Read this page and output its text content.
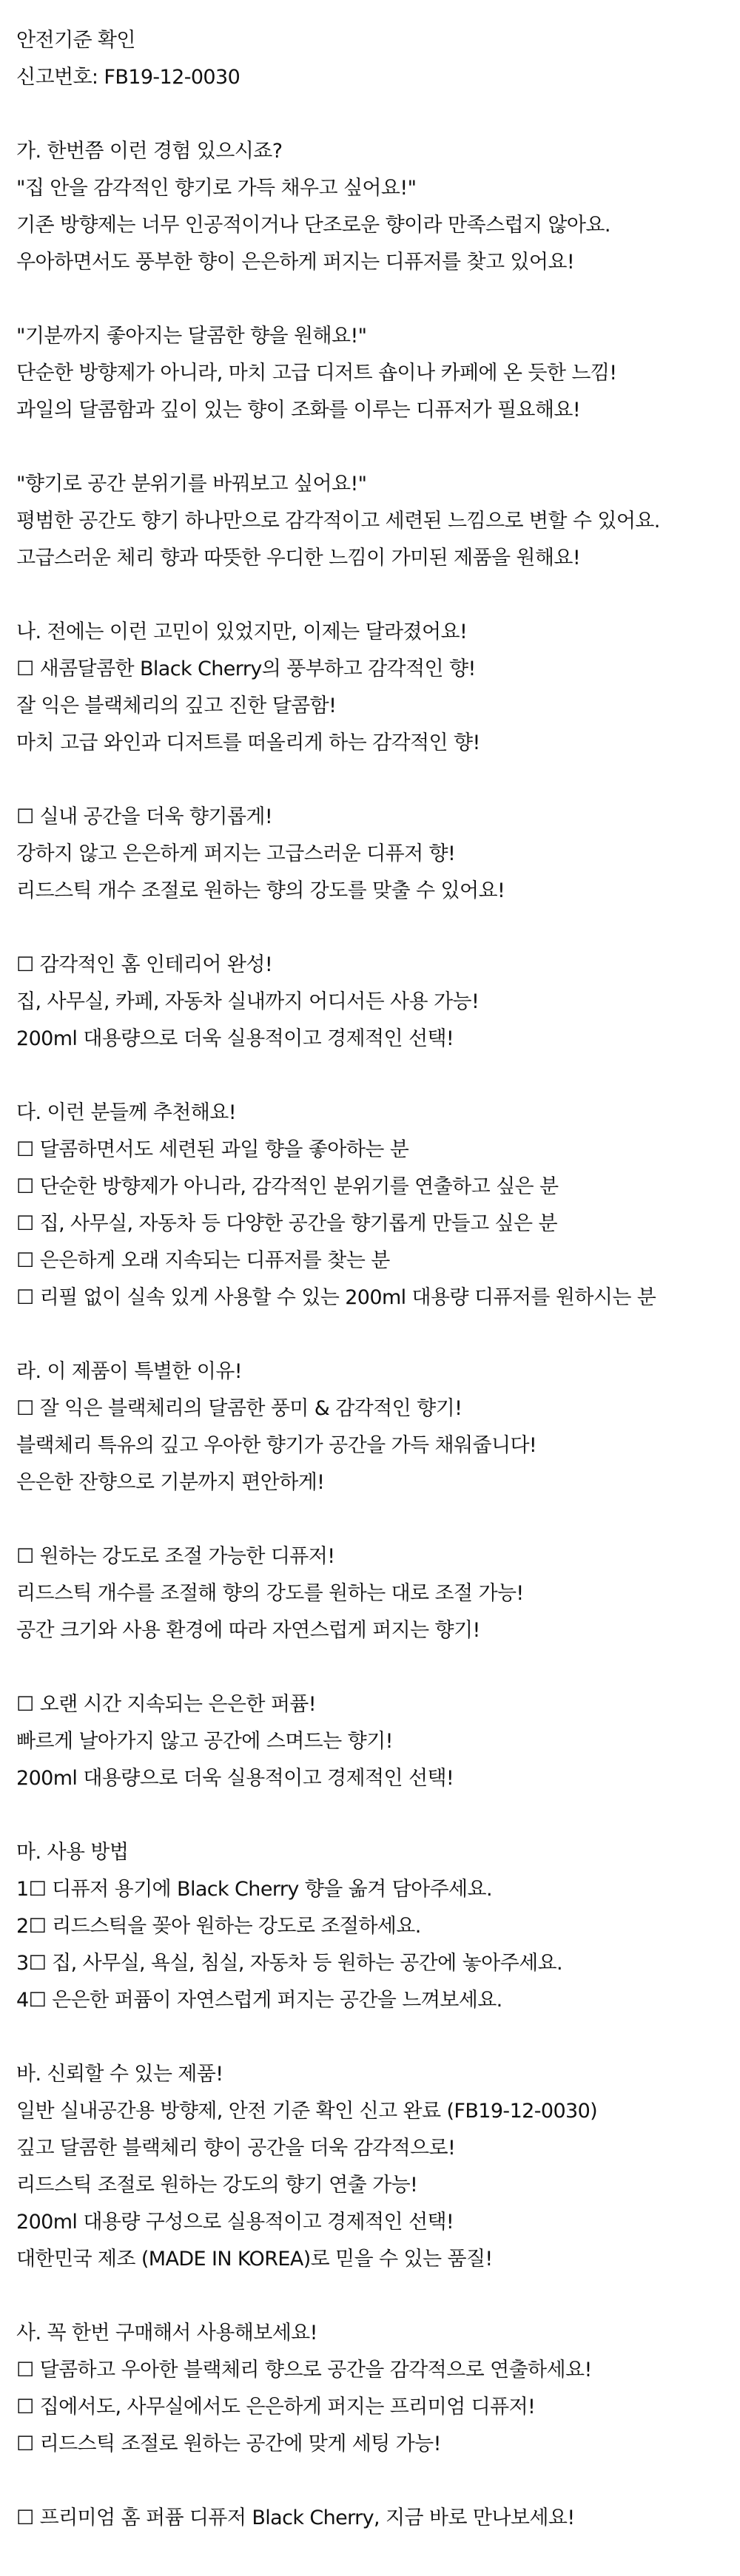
안전기준 확인
신고번호: FB19-12-0030
가. 한번쯤 이런 경험 있으시죠?
"집 안을 감각적인 향기로 가득 채우고 싶어요!"
기존 방향제는 너무 인공적이거나 단조로운 향이라 만족스럽지 않아요.
우아하면서도 풍부한 향이 은은하게 퍼지는 디퓨저를 찾고 있어요!
"기분까지 좋아지는 달콤한 향을 원해요!"
단순한 방향제가 아니라, 마치 고급 디저트 숍이나 카페에 온 듯한 느낌!
과일의 달콤함과 깊이 있는 향이 조화를 이루는 디퓨저가 필요해요!
"향기로 공간 분위기를 바꿔보고 싶어요!"
평범한 공간도 향기 하나만으로 감각적이고 세련된 느낌으로 변할 수 있어요.
고급스러운 체리 향과 따뜻한 우디한 느낌이 가미된 제품을 원해요!
나. 전에는 이런 고민이 있었지만, 이제는 달라졌어요!
☐ 새콤달콤한 Black Cherry의 풍부하고 감각적인 향!
잘 익은 블랙체리의 깊고 진한 달콤함!
마치 고급 와인과 디저트를 떠올리게 하는 감각적인 향!
☐ 실내 공간을 더욱 향기롭게!
강하지 않고 은은하게 퍼지는 고급스러운 디퓨저 향!
리드스틱 개수 조절로 원하는 향의 강도를 맞출 수 있어요!
☐ 감각적인 홈 인테리어 완성!
집, 사무실, 카페, 자동차 실내까지 어디서든 사용 가능!
200ml 대용량으로 더욱 실용적이고 경제적인 선택!
다. 이런 분들께 추천해요!
☐ 달콤하면서도 세련된 과일 향을 좋아하는 분
☐ 단순한 방향제가 아니라, 감각적인 분위기를 연출하고 싶은 분
☐ 집, 사무실, 자동차 등 다양한 공간을 향기롭게 만들고 싶은 분
☐ 은은하게 오래 지속되는 디퓨저를 찾는 분
☐ 리필 없이 실속 있게 사용할 수 있는 200ml 대용량 디퓨저를 원하시는 분
라. 이 제품이 특별한 이유!
☐ 잘 익은 블랙체리의 달콤한 풍미 & 감각적인 향기!
블랙체리 특유의 깊고 우아한 향기가 공간을 가득 채워줍니다!
은은한 잔향으로 기분까지 편안하게!
☐ 원하는 강도로 조절 가능한 디퓨저!
리드스틱 개수를 조절해 향의 강도를 원하는 대로 조절 가능!
공간 크기와 사용 환경에 따라 자연스럽게 퍼지는 향기!
☐ 오랜 시간 지속되는 은은한 퍼퓸!
빠르게 날아가지 않고 공간에 스며드는 향기!
200ml 대용량으로 더욱 실용적이고 경제적인 선택!
마. 사용 방법
1☐ 디퓨저 용기에 Black Cherry 향을 옮겨 담아주세요.
2☐ 리드스틱을 꽂아 원하는 강도로 조절하세요.
3☐ 집, 사무실, 욕실, 침실, 자동차 등 원하는 공간에 놓아주세요.
4☐ 은은한 퍼퓸이 자연스럽게 퍼지는 공간을 느껴보세요.
바. 신뢰할 수 있는 제품!
일반 실내공간용 방향제, 안전 기준 확인 신고 완료 (FB19-12-0030)
깊고 달콤한 블랙체리 향이 공간을 더욱 감각적으로!
리드스틱 조절로 원하는 강도의 향기 연출 가능!
200ml 대용량 구성으로 실용적이고 경제적인 선택!
대한민국 제조 (MADE IN KOREA)로 믿을 수 있는 품질!
사. 꼭 한번 구매해서 사용해보세요!
☐ 달콤하고 우아한 블랙체리 향으로 공간을 감각적으로 연출하세요!
☐ 집에서도, 사무실에서도 은은하게 퍼지는 프리미엄 디퓨저!
☐ 리드스틱 조절로 원하는 공간에 맞게 세팅 가능!
☐ 프리미엄 홈 퍼퓸 디퓨저 Black Cherry, 지금 바로 만나보세요!
